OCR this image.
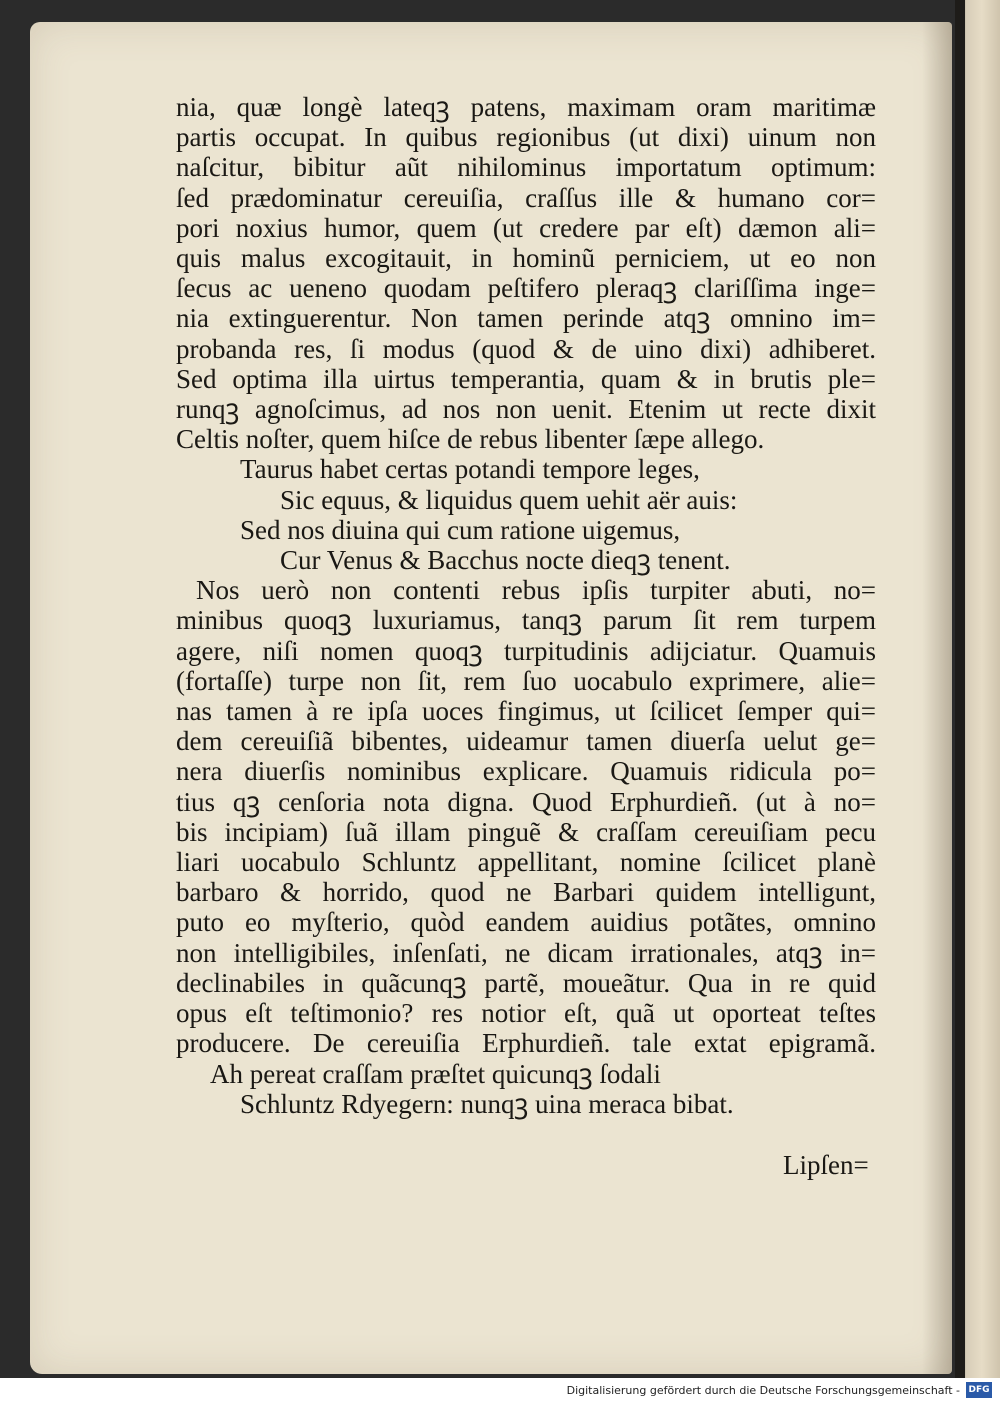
nia, quæ longè lateqꝫ patens, maximam oram maritimæ
partis occupat. In quibus regionibus (ut dixi) uinum non
naſcitur, bibitur aũt nihilominus importatum optimum:
ſed prædominatur cereuiſia, craſſus ille & humano cor=
pori noxius humor, quem (ut credere par eſt) dæmon ali=
quis malus excogitauit, in hominũ perniciem, ut eo non
ſecus ac ueneno quodam peſtifero pleraqꝫ clariſſima inge=
nia extinguerentur. Non tamen perinde atqꝫ omnino im=
probanda res, ſi modus (quod & de uino dixi) adhiberet.
Sed optima illa uirtus temperantia, quam & in brutis ple=
runqꝫ agnoſcimus, ad nos non uenit. Etenim ut recte dixit
Celtis noſter, quem hiſce de rebus libenter ſæpe allego.
Taurus habet certas potandi tempore leges,
Sic equus, & liquidus quem uehit aër auis:
Sed nos diuina qui cum ratione uigemus,
Cur Venus & Bacchus nocte dieqꝫ tenent.
Nos uerò non contenti rebus ipſis turpiter abuti, no=
minibus quoqꝫ luxuriamus, tanqꝫ parum ſit rem turpem
agere, niſi nomen quoqꝫ turpitudinis adijciatur. Quamuis
(fortaſſe) turpe non ſit, rem ſuo uocabulo exprimere, alie=
nas tamen à re ipſa uoces fingimus, ut ſcilicet ſemper qui=
dem cereuiſiã bibentes, uideamur tamen diuerſa uelut ge=
nera diuerſis nominibus explicare. Quamuis ridicula po=
tius qꝫ cenſoria nota digna. Quod Erphurdieñ. (ut à no=
bis incipiam) ſuã illam pinguẽ & craſſam cereuiſiam pecu
liari uocabulo Schluntz appellitant, nomine ſcilicet planè
barbaro & horrido, quod ne Barbari quidem intelligunt,
puto eo myſterio, quòd eandem auidius potãtes, omnino
non intelligibiles, inſenſati, ne dicam irrationales, atqꝫ in=
declinabiles in quãcunqꝫ partẽ, moueãtur. Qua in re quid
opus eſt teſtimonio? res notior eſt, quã ut oporteat teſtes
producere. De cereuiſia Erphurdieñ. tale extat epigramã.
Ah pereat craſſam præſtet quicunqꝫ ſodali
Schluntz Rdyegern: nunqꝫ uina meraca bibat.
Lipſen=
Digitalisierung gefördert durch die Deutsche Forschungsgemeinschaft - DFG
